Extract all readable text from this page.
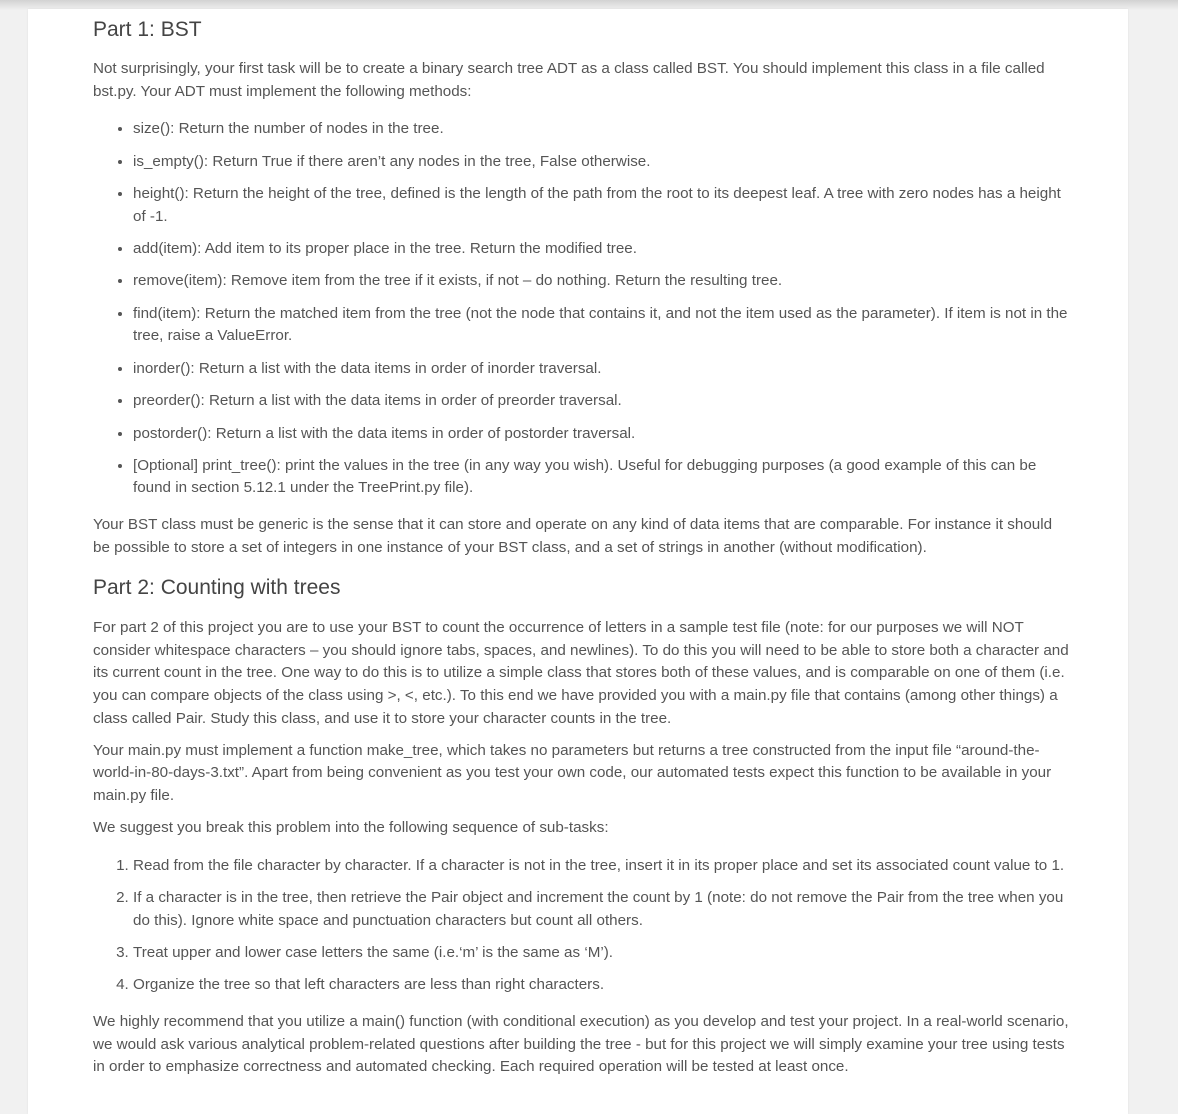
Part 1: BST

Not surprisingly, your first task will be to create a binary search tree ADT as a class called BST. You should implement this class in a file called bst.py. Your ADT must implement the following methods:

• size(): Return the number of nodes in the tree.
• is_empty(): Return True if there aren’t any nodes in the tree, False otherwise.
• height(): Return the height of the tree, defined is the length of the path from the root to its deepest leaf. A tree with zero nodes has a height of -1.
• add(item): Add item to its proper place in the tree. Return the modified tree.
• remove(item): Remove item from the tree if it exists, if not – do nothing. Return the resulting tree.
• find(item): Return the matched item from the tree (not the node that contains it, and not the item used as the parameter). If item is not in the tree, raise a ValueError.
• inorder(): Return a list with the data items in order of inorder traversal.
• preorder(): Return a list with the data items in order of preorder traversal.
• postorder(): Return a list with the data items in order of postorder traversal.
• [Optional] print_tree(): print the values in the tree (in any way you wish). Useful for debugging purposes (a good example of this can be found in section 5.12.1 under the TreePrint.py file).

Your BST class must be generic is the sense that it can store and operate on any kind of data items that are comparable. For instance it should be possible to store a set of integers in one instance of your BST class, and a set of strings in another (without modification).

Part 2: Counting with trees

For part 2 of this project you are to use your BST to count the occurrence of letters in a sample test file (note: for our purposes we will NOT consider whitespace characters – you should ignore tabs, spaces, and newlines). To do this you will need to be able to store both a character and its current count in the tree. One way to do this is to utilize a simple class that stores both of these values, and is comparable on one of them (i.e. you can compare objects of the class using >, <, etc.). To this end we have provided you with a main.py file that contains (among other things) a class called Pair. Study this class, and use it to store your character counts in the tree.

Your main.py must implement a function make_tree, which takes no parameters but returns a tree constructed from the input file “around-the-world-in-80-days-3.txt”. Apart from being convenient as you test your own code, our automated tests expect this function to be available in your main.py file.

We suggest you break this problem into the following sequence of sub-tasks:

1. Read from the file character by character. If a character is not in the tree, insert it in its proper place and set its associated count value to 1.
2. If a character is in the tree, then retrieve the Pair object and increment the count by 1 (note: do not remove the Pair from the tree when you do this). Ignore white space and punctuation characters but count all others.
3. Treat upper and lower case letters the same (i.e.‘m’ is the same as ‘M’).
4. Organize the tree so that left characters are less than right characters.

We highly recommend that you utilize a main() function (with conditional execution) as you develop and test your project. In a real-world scenario, we would ask various analytical problem-related questions after building the tree - but for this project we will simply examine your tree using tests in order to emphasize correctness and automated checking. Each required operation will be tested at least once.
